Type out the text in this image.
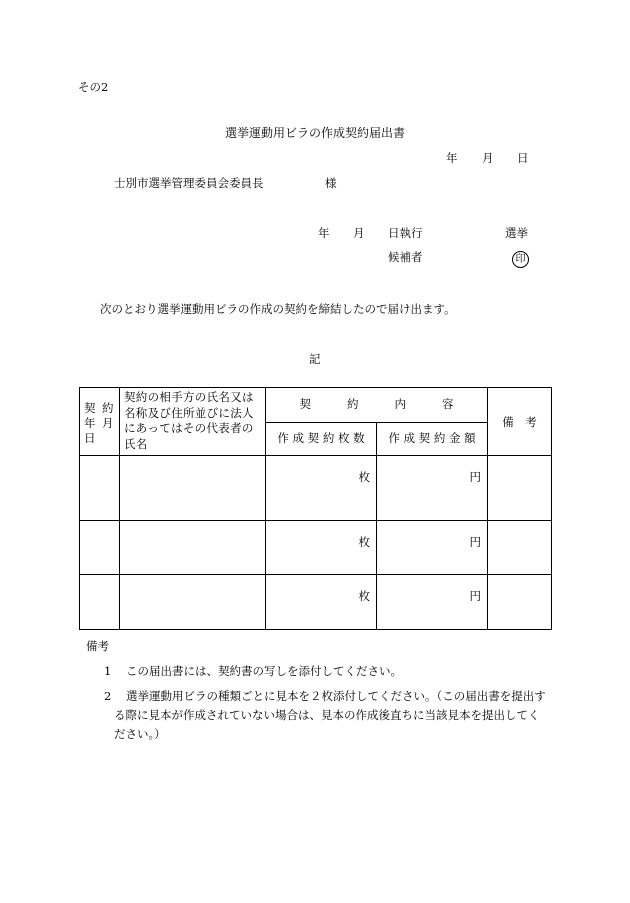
その2
選挙運動用ビラの作成契約届出書
年 月 日
士別市選挙管理委員会委員長	様
年 月 日執行	選挙
候補者	印
次のとおり選挙運動用ビラの作成の契約を締結したので届け出ます。
記
契 約
年 月
日	契約の相手方の氏名又は名称及び住所並びに法人にあってはその代表者の氏名	契 約 内 容		備　考

		作 成 契 約 枚 数	作 成 契 約 金 額	

		枚	円	
		枚	円	
		枚	円	
備考
1 この届出書には、契約書の写しを添付してください。
2 選挙運動用ビラの種類ごとに見本を２枚添付してください。（この届出書を提出す
る際に見本が作成されていない場合は、見本の作成後直ちに当該見本を提出してく
ださい。）
